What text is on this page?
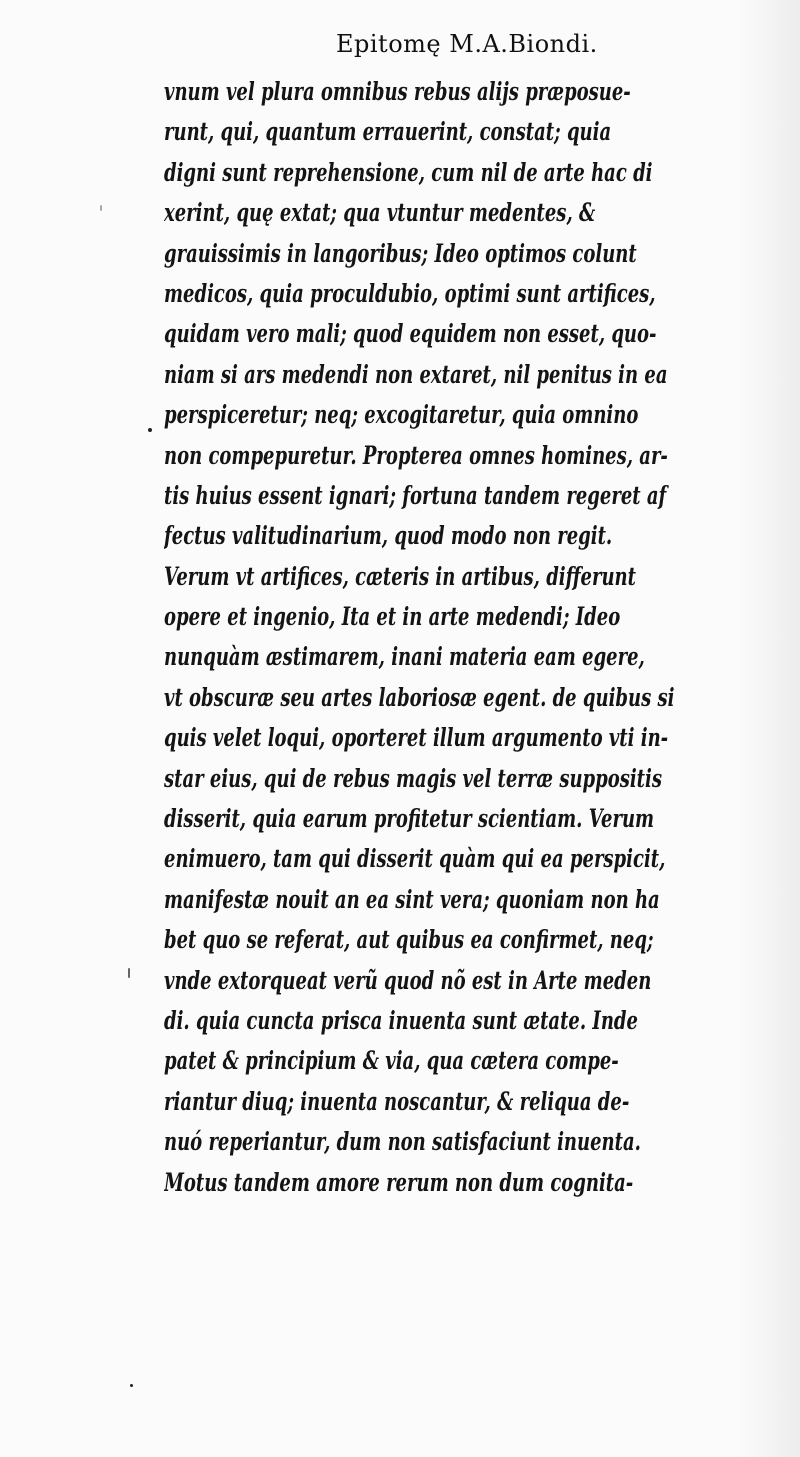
Epitomę M.A.Biondi.
vnum vel plura omnibus rebus alijs præposue-
runt, qui, quantum errauerint, constat; quia
digni sunt reprehensione, cum nil de arte hac di
xerint, quę extat; qua vtuntur medentes, &
grauissimis in langoribus; Ideo optimos colunt
medicos, quia proculdubio, optimi sunt artifices,
quidam vero mali; quod equidem non esset, quo-
niam si ars medendi non extaret, nil penitus in ea
perspiceretur; neq; excogitaretur, quia omnino
non compериretur. Propterea omnes homines, ar-
tis huius essent ignari; fortuna tandem regeret af
fectus valitudinarium, quod modo non regit.
Verum vt artifices, cæteris in artibus, differunt
opere et ingenio, Ita et in arte medendi; Ideo
nunquàm æstimarem, inani materia eam egere,
vt obscuræ seu artes laboriosæ egent. de quibus si
quis velet loqui, oporteret illum argumento vti in-
star eius, qui de rebus magis vel terræ suppositis
disserit, quia earum profitetur scientiam. Verum
enimuero, tam qui disserit quàm qui ea perspicit,
manifestæ nouit an ea sint vera; quoniam non ha
bet quo se referat, aut quibus ea confirmet, neq;
vnde extorqueat verũ quod nõ est in Arte meden
di. quia cuncta prisca inuenta sunt ætate. Inde
patet & principium & via, qua cætera compe-
riantur diuq; inuenta noscantur, & reliqua de-
nuó reperiantur, dum non satisfaciunt inuenta.
Motus tandem amore rerum non dum cognita-
